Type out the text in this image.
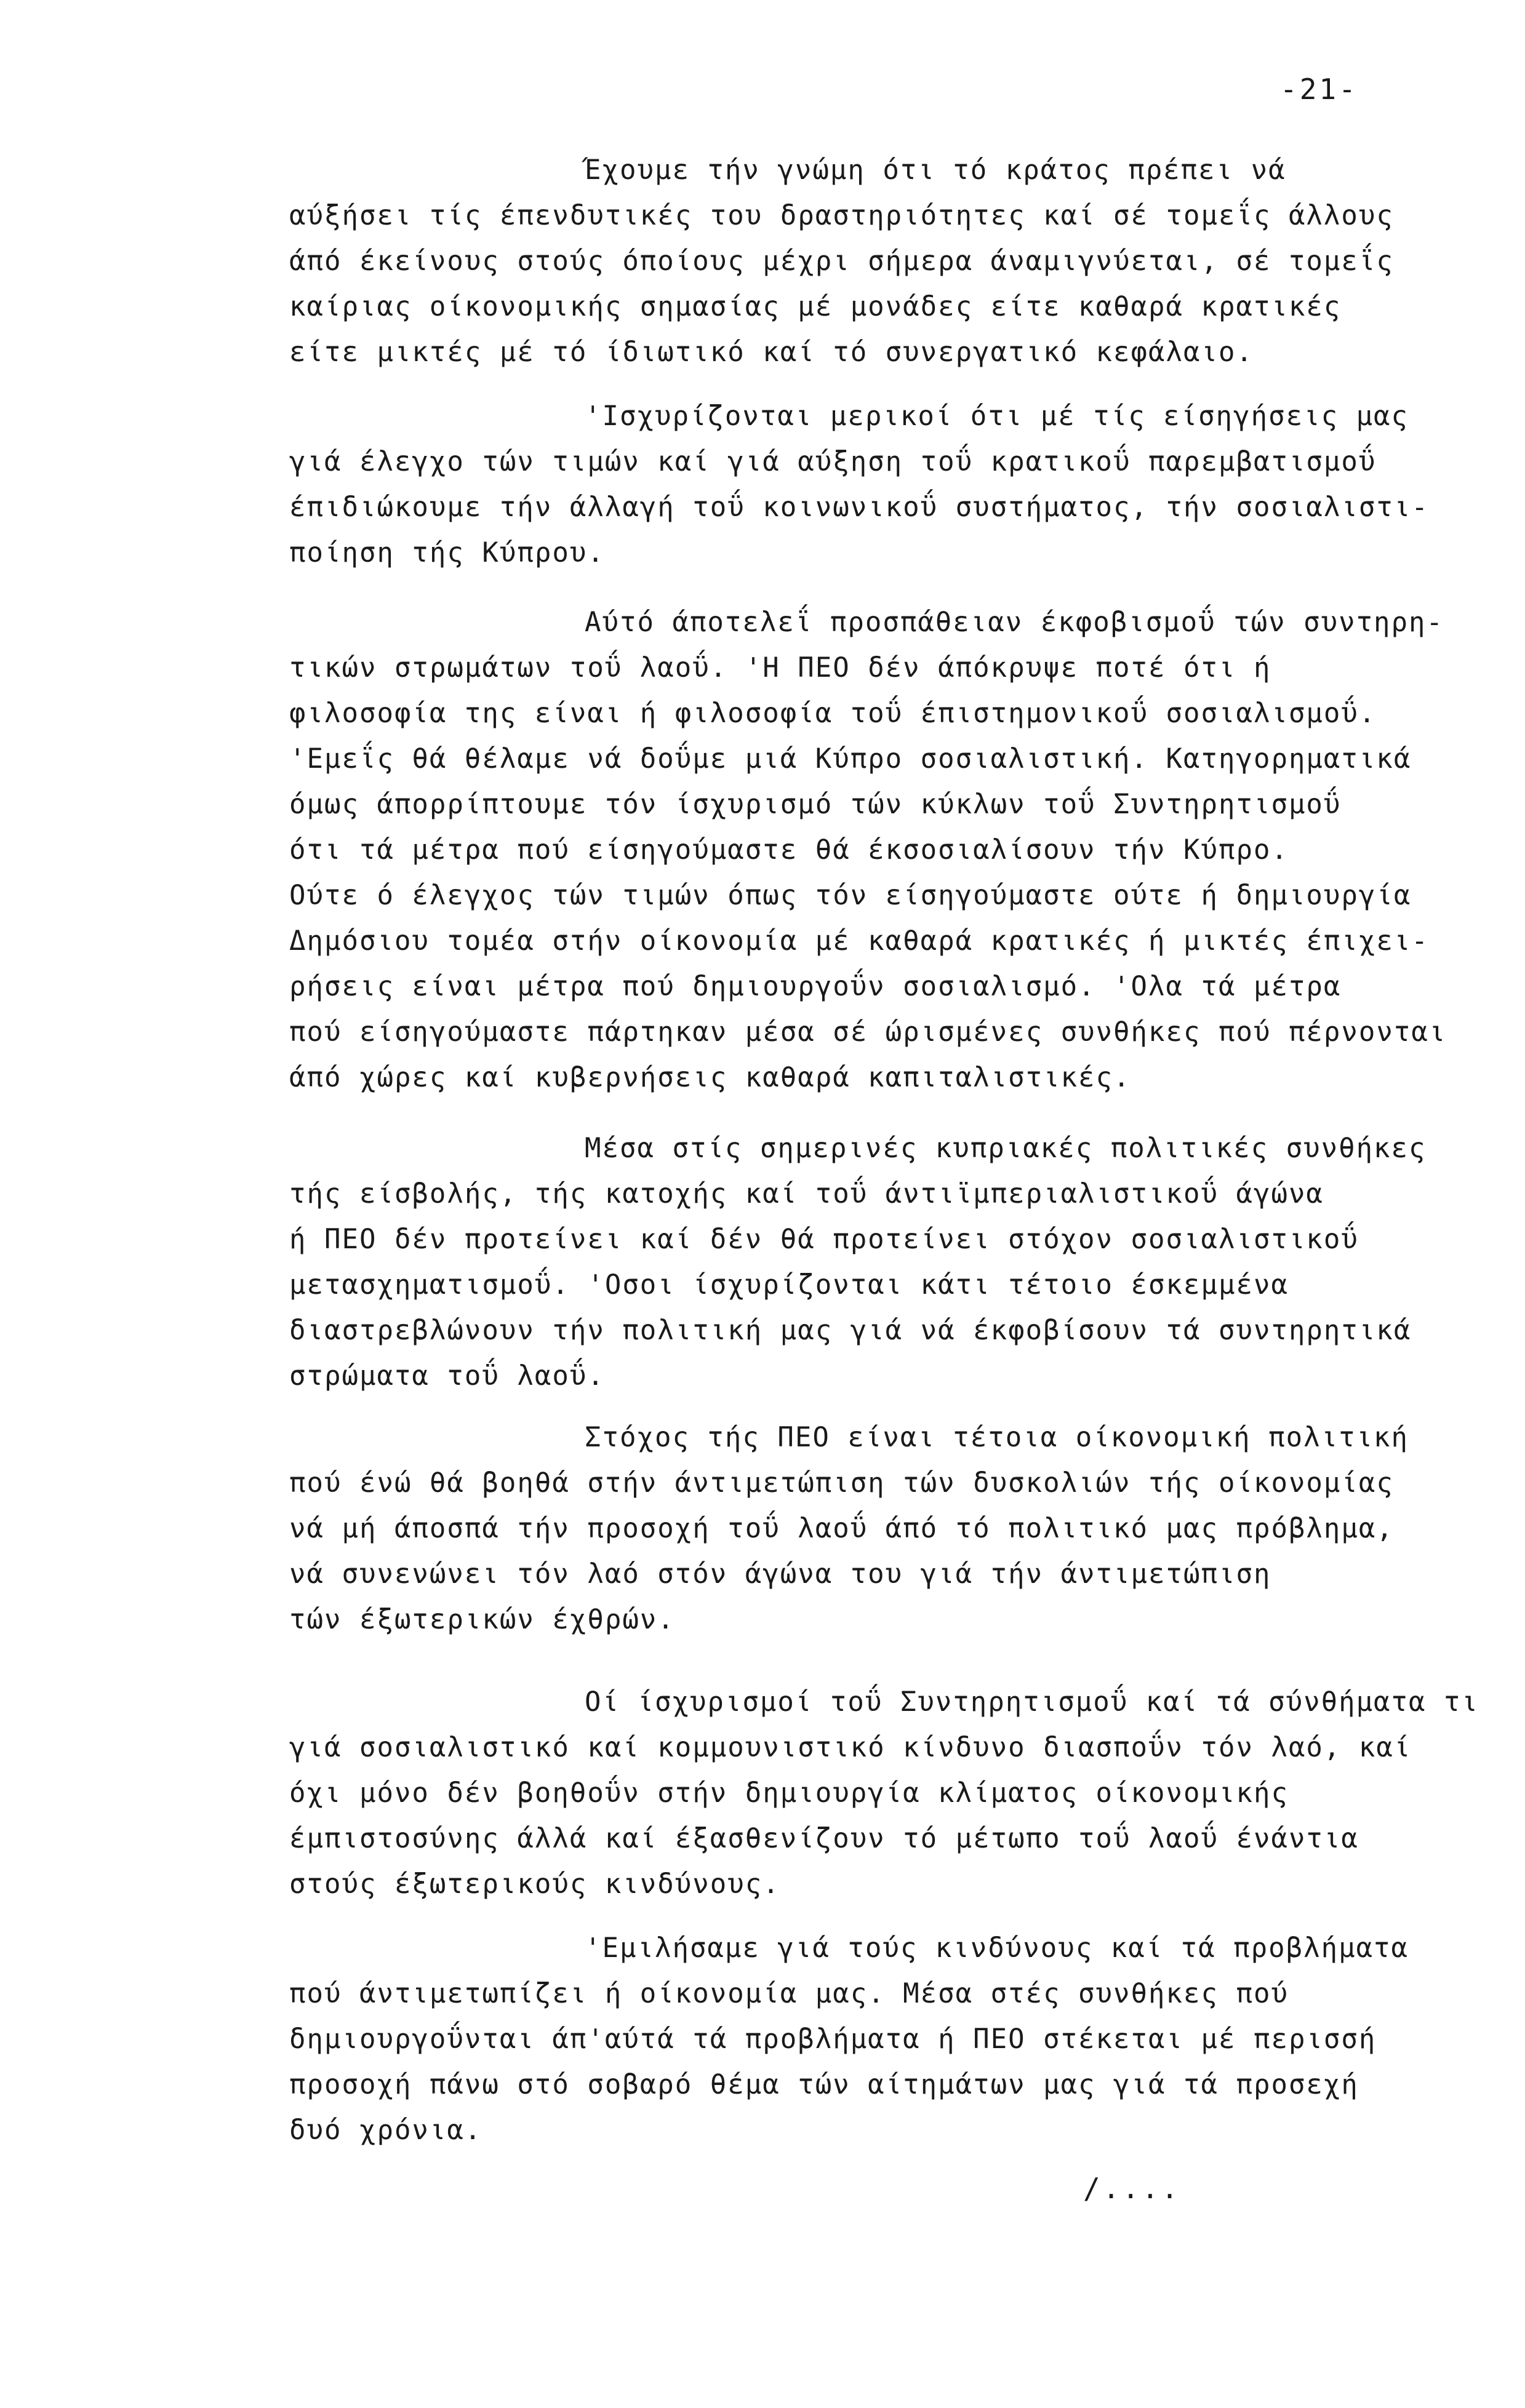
-21-
Έχουμε τήν γνώμη ότι τό κράτος πρέπει νά
αύξήσει τίς έπενδυτικές του δραστηριότητες καί σέ τομεΐς άλλους
άπό έκείνους στούς όποίους μέχρι σήμερα άναμιγνύεται, σέ τομεΐς
καίριας οίκονομικής σημασίας μέ μονάδες είτε καθαρά κρατικές
είτε μικτές μέ τό ίδιωτικό καί τό συνεργατικό κεφάλαιο.
'Ισχυρίζονται μερικοί ότι μέ τίς είσηγήσεις μας
γιά έλεγχο τών τιμών καί γιά αύξηση τοΰ κρατικοΰ παρεμβατισμοΰ
έπιδιώκουμε τήν άλλαγή τοΰ κοινωνικοΰ συστήματος, τήν σοσιαλιστι-
ποίηση τής Κύπρου.
Αύτό άποτελεΐ προσπάθειαν έκφοβισμοΰ τών συντηρη-
τικών στρωμάτων τοΰ λαοΰ. 'Η ΠΕΟ δέν άπόκρυψε ποτέ ότι ή
φιλοσοφία της είναι ή φιλοσοφία τοΰ έπιστημονικοΰ σοσιαλισμοΰ.
'Εμεΐς θά θέλαμε νά δοΰμε μιά Κύπρο σοσιαλιστική. Κατηγορηματικά
όμως άπορρίπτουμε τόν ίσχυρισμό τών κύκλων τοΰ Συντηρητισμοΰ
ότι τά μέτρα πού είσηγούμαστε θά έκσοσιαλίσουν τήν Κύπρο.
Ούτε ό έλεγχος τών τιμών όπως τόν είσηγούμαστε ούτε ή δημιουργία
Δημόσιου τομέα στήν οίκονομία μέ καθαρά κρατικές ή μικτές έπιχει-
ρήσεις είναι μέτρα πού δημιουργοΰν σοσιαλισμό. 'Ολα τά μέτρα
πού είσηγούμαστε πάρτηκαν μέσα σέ ώρισμένες συνθήκες πού πέρνονται
άπό χώρες καί κυβερνήσεις καθαρά καπιταλιστικές.
Μέσα στίς σημερινές κυπριακές πολιτικές συνθήκες
τής είσβολής, τής κατοχής καί τοΰ άντιϊμπεριαλιστικοΰ άγώνα
ή ΠΕΟ δέν προτείνει καί δέν θά προτείνει στόχον σοσιαλιστικοΰ
μετασχηματισμοΰ. 'Οσοι ίσχυρίζονται κάτι τέτοιο έσκεμμένα
διαστρεβλώνουν τήν πολιτική μας γιά νά έκφοβίσουν τά συντηρητικά
στρώματα τοΰ λαοΰ.
Στόχος τής ΠΕΟ είναι τέτοια οίκονομική πολιτική
πού ένώ θά βοηθά στήν άντιμετώπιση τών δυσκολιών τής οίκονομίας
νά μή άποσπά τήν προσοχή τοΰ λαοΰ άπό τό πολιτικό μας πρόβλημα,
νά συνενώνει τόν λαό στόν άγώνα του γιά τήν άντιμετώπιση
τών έξωτερικών έχθρών.
Οί ίσχυρισμοί τοΰ Συντηρητισμοΰ καί τά σύνθήματα τι
γιά σοσιαλιστικό καί κομμουνιστικό κίνδυνο διασποΰν τόν λαό, καί
όχι μόνο δέν βοηθοΰν στήν δημιουργία κλίματος οίκονομικής
έμπιστοσύνης άλλά καί έξασθενίζουν τό μέτωπο τοΰ λαοΰ ένάντια
στούς έξωτερικούς κινδύνους.
'Εμιλήσαμε γιά τούς κινδύνους καί τά προβλήματα
πού άντιμετωπίζει ή οίκονομία μας. Μέσα στές συνθήκες πού
δημιουργοΰνται άπ'αύτά τά προβλήματα ή ΠΕΟ στέκεται μέ περισσή
προσοχή πάνω στό σοβαρό θέμα τών αίτημάτων μας γιά τά προσεχή
δυό χρόνια.
/....
